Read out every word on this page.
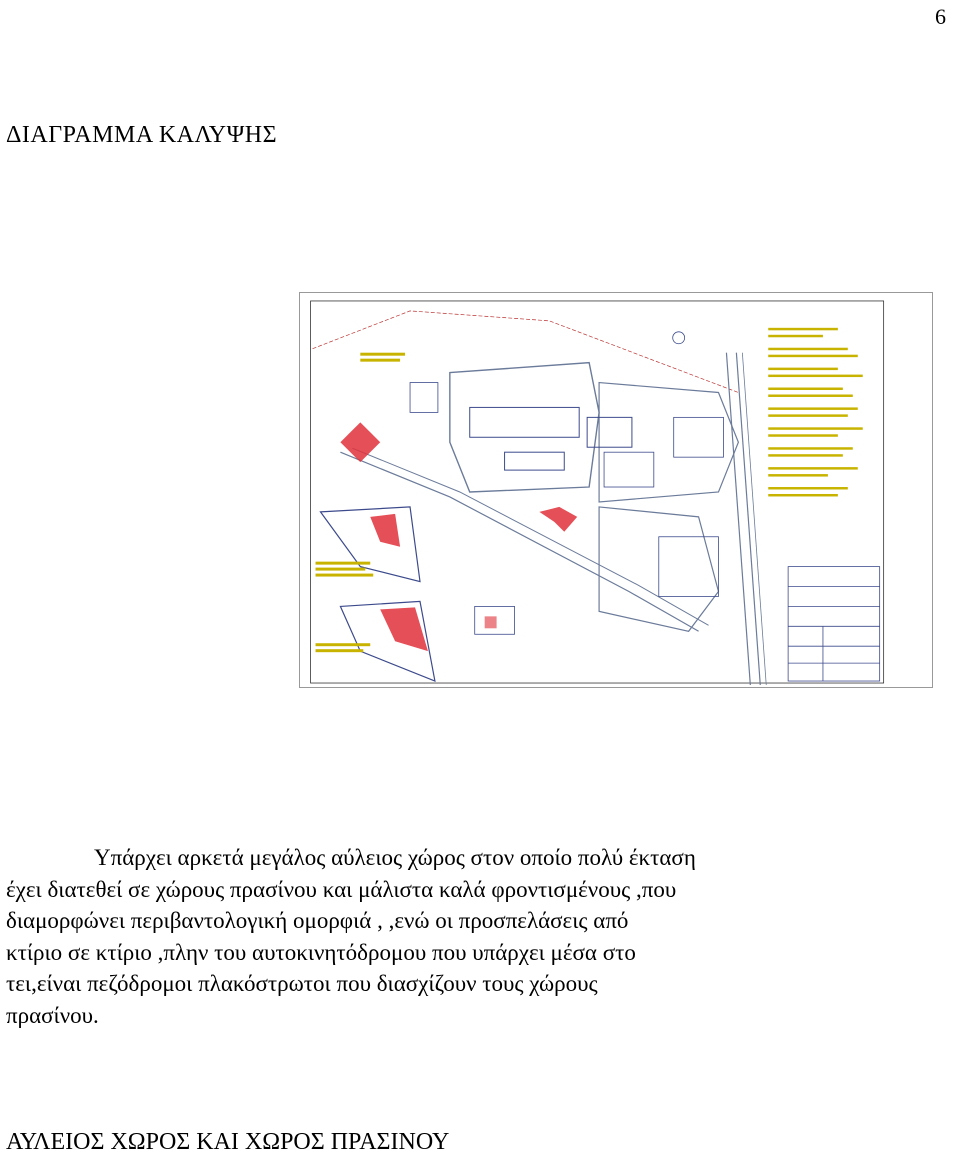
6
ΔΙΑΓΡΑΜΜΑ ΚΑΛΥΨΗΣ
Υπάρχει αρκετά μεγάλος αύλειος χώρος στον οποίο πολύ έκταση
έχει διατεθεί σε χώρους πρασίνου και μάλιστα καλά φροντισμένους ,που
διαμορφώνει περιβαντολογική ομορφιά , ,ενώ οι προσπελάσεις από
κτίριο σε κτίριο ,πλην του αυτοκινητόδρομου που υπάρχει μέσα στο
τει,είναι πεζόδρομοι πλακόστρωτοι που διασχίζουν τους χώρους
πρασίνου.
ΑΥΛΕΙΟΣ ΧΩΡΟΣ ΚΑΙ ΧΩΡΟΣ ΠΡΑΣΙΝΟΥ
